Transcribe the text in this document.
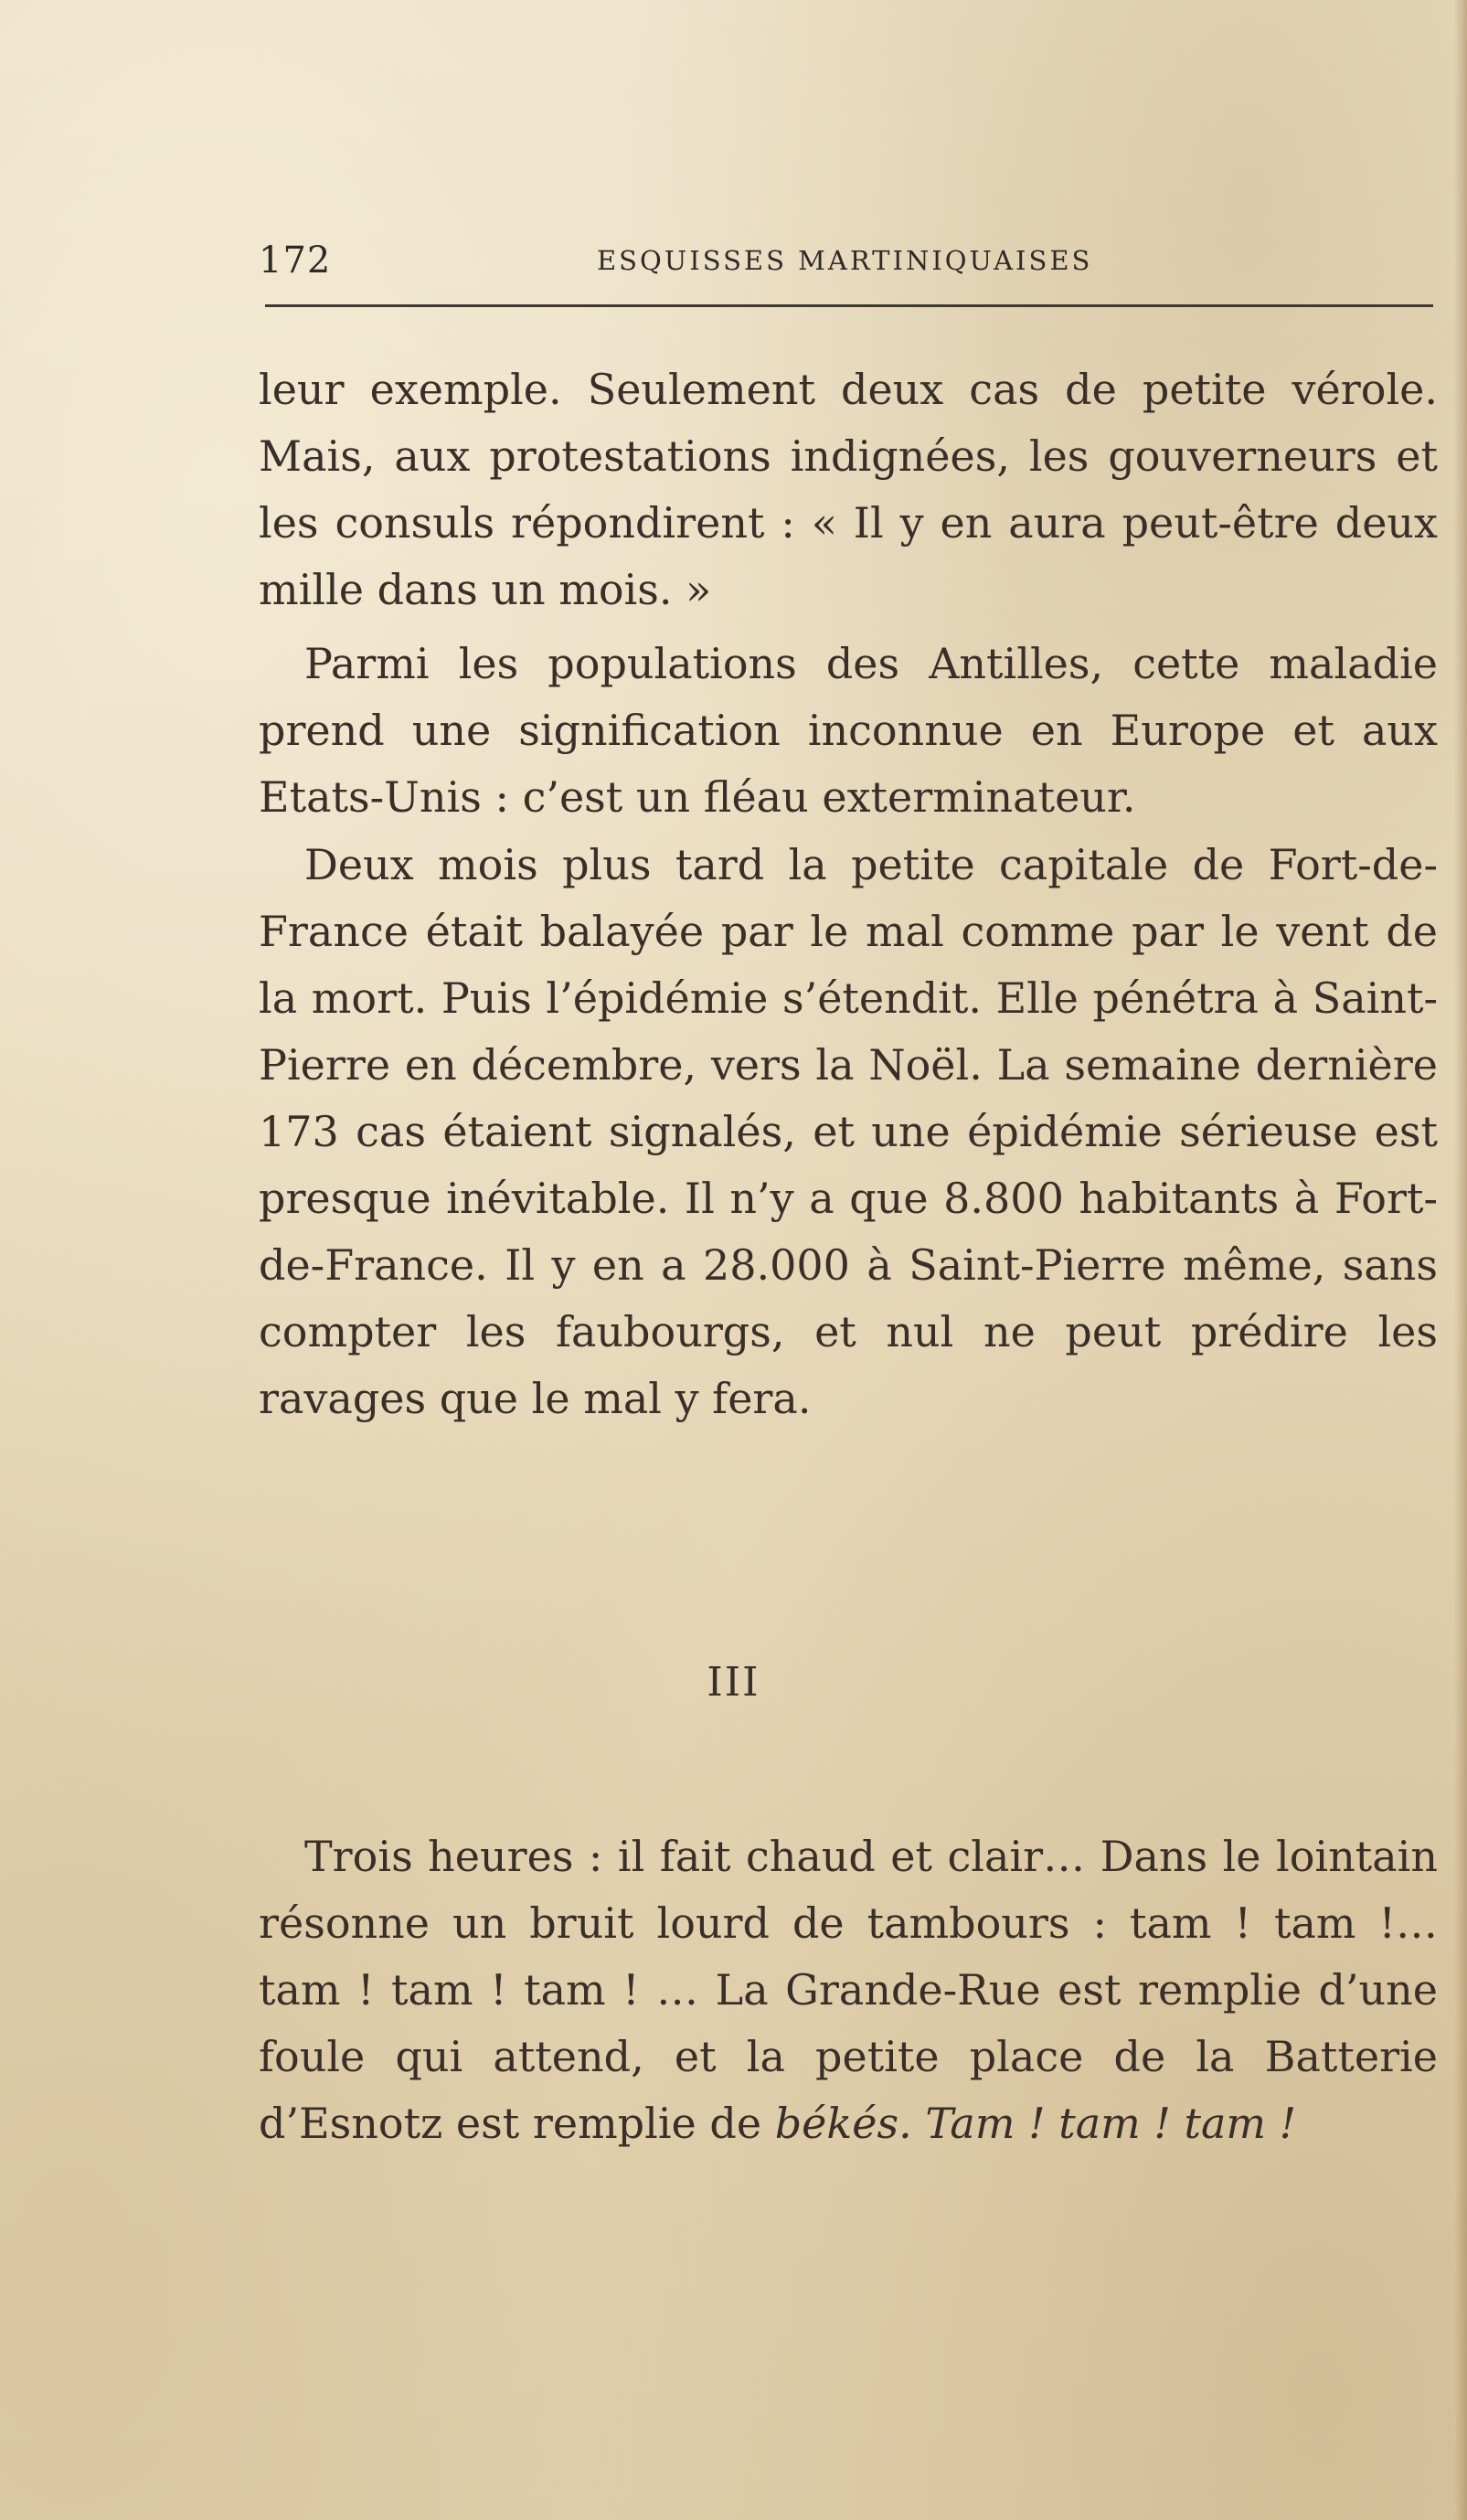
172	ESQUISSES MARTINIQUAISES

leur exemple. Seulement deux cas de petite vérole. Mais, aux protestations indignées, les gouverneurs et les consuls répondirent : « Il y en aura peut-être deux mille dans un mois. »

Parmi les populations des Antilles, cette maladie prend une signification inconnue en Europe et aux Etats-Unis : c’est un fléau exterminateur.

Deux mois plus tard la petite capitale de Fort-de-France était balayée par le mal comme par le vent de la mort. Puis l’épidémie s’étendit. Elle pénétra à Saint-Pierre en décembre, vers la Noël. La semaine dernière 173 cas étaient signalés, et une épidémie sérieuse est presque inévitable. Il n’y a que 8.800 habitants à Fort-de-France. Il y en a 28.000 à Saint-Pierre même, sans compter les faubourgs, et nul ne peut prédire les ravages que le mal y fera.

III

Trois heures : il fait chaud et clair… Dans le lointain résonne un bruit lourd de tambours : tam ! tam !… tam ! tam ! tam ! … La Grande-Rue est remplie d’une foule qui attend, et la petite place de la Batterie d’Esnotz est remplie de békés. Tam ! tam ! tam !
